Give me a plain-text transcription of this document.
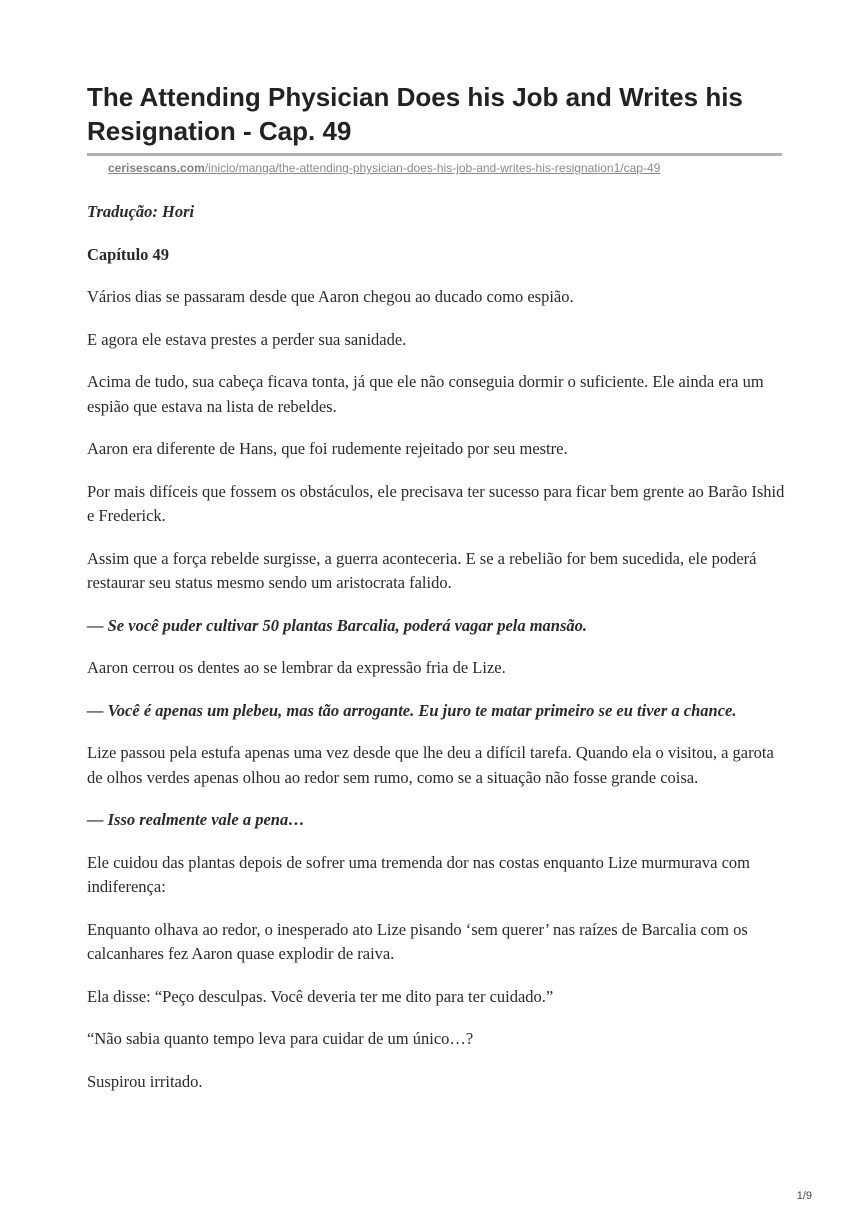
The Attending Physician Does his Job and Writes his Resignation - Cap. 49
cerisescans.com/inicio/manga/the-attending-physician-does-his-job-and-writes-his-resignation1/cap-49

Tradução: Hori

Capítulo 49

Vários dias se passaram desde que Aaron chegou ao ducado como espião.

E agora ele estava prestes a perder sua sanidade.

Acima de tudo, sua cabeça ficava tonta, já que ele não conseguia dormir o suficiente. Ele ainda era um espião que estava na lista de rebeldes.

Aaron era diferente de Hans, que foi rudemente rejeitado por seu mestre.

Por mais difíceis que fossem os obstáculos, ele precisava ter sucesso para ficar bem grente ao Barão Ishid e Frederick.

Assim que a força rebelde surgisse, a guerra aconteceria. E se a rebelião for bem sucedida, ele poderá restaurar seu status mesmo sendo um aristocrata falido.

— Se você puder cultivar 50 plantas Barcalia, poderá vagar pela mansão.

Aaron cerrou os dentes ao se lembrar da expressão fria de Lize.

— Você é apenas um plebeu, mas tão arrogante. Eu juro te matar primeiro se eu tiver a chance.

Lize passou pela estufa apenas uma vez desde que lhe deu a difícil tarefa. Quando ela o visitou, a garota de olhos verdes apenas olhou ao redor sem rumo, como se a situação não fosse grande coisa.

— Isso realmente vale a pena…

Ele cuidou das plantas depois de sofrer uma tremenda dor nas costas enquanto Lize murmurava com indiferença:

Enquanto olhava ao redor, o inesperado ato Lize pisando ‘sem querer’ nas raízes de Barcalia com os calcanhares fez Aaron quase explodir de raiva.

Ela disse: “Peço desculpas. Você deveria ter me dito para ter cuidado.”

“Não sabia quanto tempo leva para cuidar de um único…?

Suspirou irritado.

1/9
